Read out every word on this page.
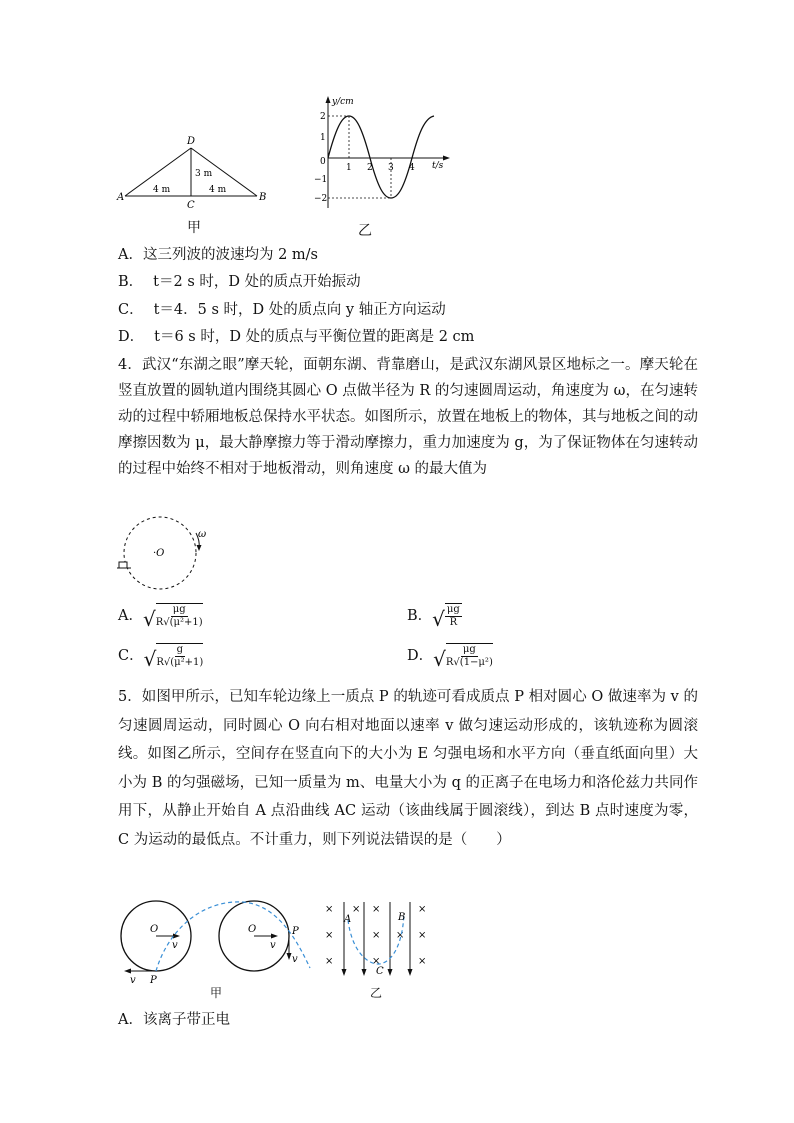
A	B
C
D
4 m	4 m
3 m
甲
y/cm
t/s
2
1
0
−1
−2
1 2 3 4
乙
A．这三列波的波速均为 2 m/s
B． t＝2 s 时，D 处的质点开始振动
C． t＝4．5 s 时，D 处的质点向 y 轴正方向运动
D． t＝6 s 时，D 处的质点与平衡位置的距离是 2 cm
4．武汉“东湖之眼”摩天轮，面朝东湖、背靠磨山，是武汉东湖风景区地标之一。摩天轮在竖直放置的圆轨道内围绕其圆心 O 点做半径为 R 的匀速圆周运动，角速度为 ω，在匀速转动的过程中轿厢地板总保持水平状态。如图所示，放置在地板上的物体，其与地板之间的动摩擦因数为 μ，最大静摩擦力等于滑动摩擦力，重力加速度为 g，为了保证物体在匀速转动的过程中始终不相对于地板滑动，则角速度 ω 的最大值为
·O
ω
A． √ $\frac{\mu g}{\text{R√(μ²+1)}}$	B． √ $\frac{\mu g}{R}$
C． √ $\frac{g}{\text{R√(μ²+1)}}$	D． √ $\frac{\mu g}{\text{R√(1−μ²)}}$
5．如图甲所示，已知车轮边缘上一质点 P 的轨迹可看成质点 P 相对圆心 O 做速率为 v 的匀速圆周运动，同时圆心 O 向右相对地面以速率 v 做匀速运动形成的，该轨迹称为圆滚线。如图乙所示，空间存在竖直向下的大小为 E 匀强电场和水平方向（垂直纸面向里）大小为 B 的匀强磁场，已知一质量为 m、电量大小为 q 的正离子在电场力和洛伦兹力共同作用下，从静止开始自 A 点沿曲线 AC 运动（该曲线属于圆滚线），到达 B 点时速度为零，C 为运动的最低点。不计重力，则下列说法错误的是（　　）
O
v
v P
O
v
P
v
×
×
×
× ×
×
×
×
×
×
×
A	B
C
甲	乙
A．该离子带正电
